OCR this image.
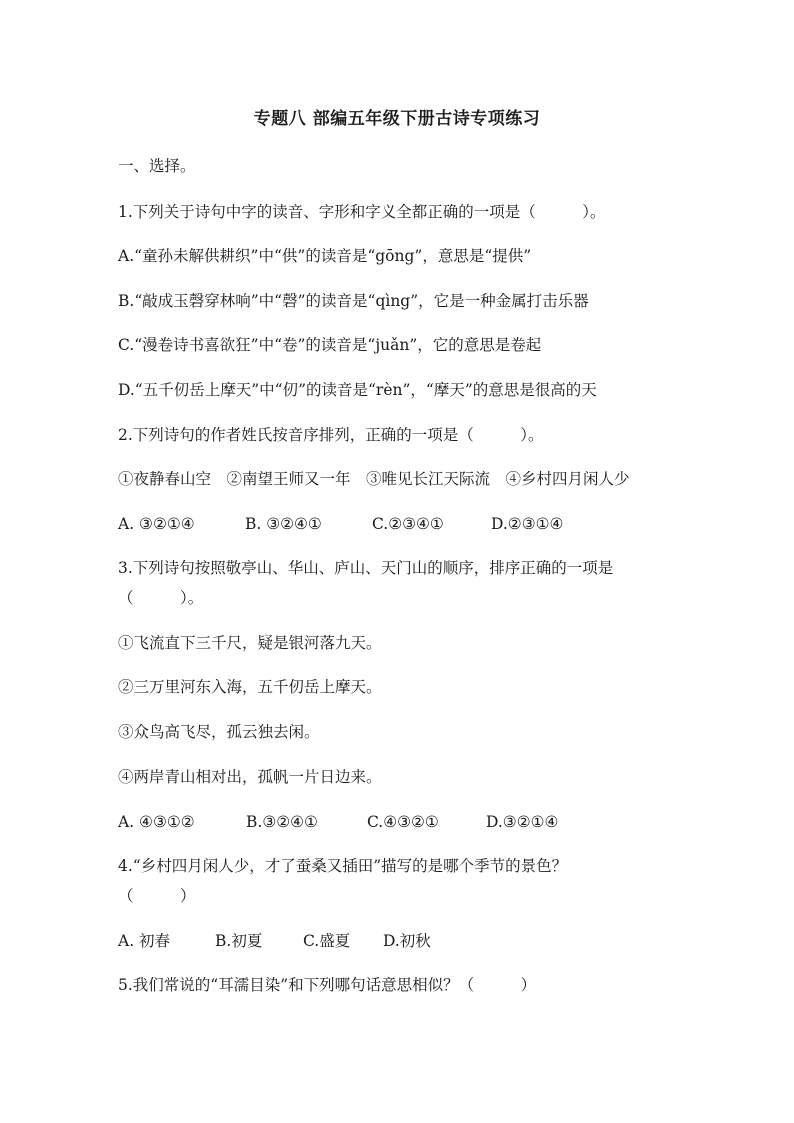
专题八 部编五年级下册古诗专项练习
一、选择。
1.下列关于诗句中字的读音、字形和字义全都正确的一项是（　　　）。
A.“童孙未解供耕织”中“供”的读音是“gōng”，意思是“提供”
B.“敲成玉磬穿林响”中“磬”的读音是“qìng”，它是一种金属打击乐器
C.“漫卷诗书喜欲狂”中“卷”的读音是“juǎn”，它的意思是卷起
D.“五千仞岳上摩天”中“仞”的读音是“rèn”，“摩天”的意思是很高的天
2.下列诗句的作者姓氏按音序排列，正确的一项是（　　　）。
①夜静春山空　②南望王师又一年　③唯见长江天际流　④乡村四月闲人少
A. ③②①④	B. ③②④①	C.②③④①	D.②③①④
3.下列诗句按照敬亭山、华山、庐山、天门山的顺序，排序正确的一项是
（　　　）。
①飞流直下三千尺，疑是银河落九天。
②三万里河东入海，五千仞岳上摩天。
③众鸟高飞尽，孤云独去闲。
④两岸青山相对出，孤帆一片日边来。
A. ④③①②	B.③②④①	C.④③②①	D.③②①④
4.“乡村四月闲人少，才了蚕桑又插田”描写的是哪个季节的景色？
（　　　）
A. 初春	B.初夏	C.盛夏 D.初秋
5.我们常说的“耳濡目染”和下列哪句话意思相似？（　　　）
